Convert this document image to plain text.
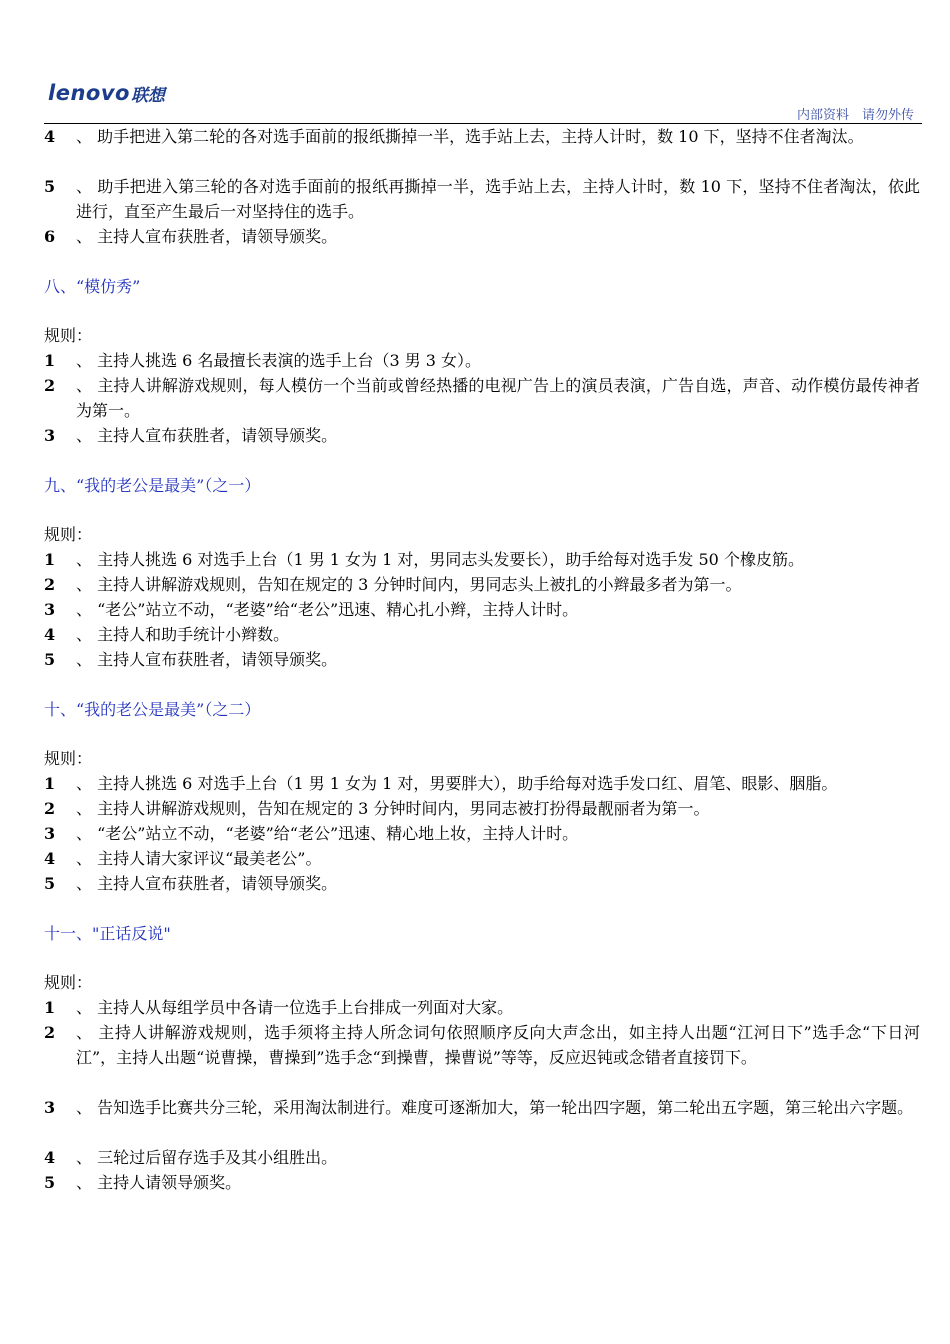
lenovo 联想
内部资料　请勿外传
4 、 助手把进入第二轮的各对选手面前的报纸撕掉一半，选手站上去，主持人计时，数 10 下，坚持不住者淘汰。
5 、 助手把进入第三轮的各对选手面前的报纸再撕掉一半，选手站上去，主持人计时，数 10 下，坚持不住者淘汰，依此进行，直至产生最后一对坚持住的选手。
6 、 主持人宣布获胜者，请领导颁奖。
八、“模仿秀”
规则：
1 、 主持人挑选 6 名最擅长表演的选手上台（3 男 3 女）。
2 、 主持人讲解游戏规则，每人模仿一个当前或曾经热播的电视广告上的演员表演，广告自选，声音、动作模仿最传神者为第一。
3 、 主持人宣布获胜者，请领导颁奖。
九、“我的老公是最美”（之一）
规则：
1 、 主持人挑选 6 对选手上台（1 男 1 女为 1 对，男同志头发要长），助手给每对选手发 50 个橡皮筋。
2 、 主持人讲解游戏规则，告知在规定的 3 分钟时间内，男同志头上被扎的小辫最多者为第一。
3 、 “老公”站立不动，“老婆”给“老公”迅速、精心扎小辫，主持人计时。
4 、 主持人和助手统计小辫数。
5 、 主持人宣布获胜者，请领导颁奖。
十、“我的老公是最美”（之二）
规则：
1 、 主持人挑选 6 对选手上台（1 男 1 女为 1 对，男要胖大），助手给每对选手发口红、眉笔、眼影、胭脂。
2 、 主持人讲解游戏规则，告知在规定的 3 分钟时间内，男同志被打扮得最靓丽者为第一。
3 、 “老公”站立不动，“老婆”给“老公”迅速、精心地上妆，主持人计时。
4 、 主持人请大家评议“最美老公”。
5 、 主持人宣布获胜者，请领导颁奖。
十一、"正话反说"
规则：
1 、 主持人从每组学员中各请一位选手上台排成一列面对大家。
2 、 主持人讲解游戏规则，选手须将主持人所念词句依照顺序反向大声念出，如主持人出题“江河日下”选手念“下日河江”，主持人出题“说曹操，曹操到”选手念“到操曹，操曹说”等等，反应迟钝或念错者直接罚下。
3 、 告知选手比赛共分三轮，采用淘汰制进行。难度可逐渐加大，第一轮出四字题，第二轮出五字题，第三轮出六字题。
4 、 三轮过后留存选手及其小组胜出。
5 、 主持人请领导颁奖。
